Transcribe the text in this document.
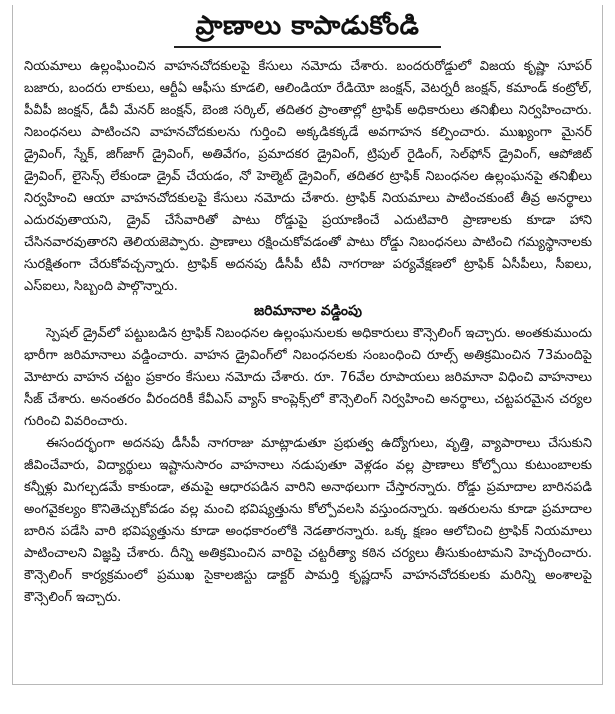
ప్రాణాలు కాపాడుకోండి

నియమాలు ఉల్లంఘించిన వాహనచోదకులపై కేసులు నమోదు చేశారు. బందరురోడ్డులో విజయ కృష్ణా సూపర్ బజారు, బందరు లాకులు, ఆర్టీఏ ఆఫీసు కూడలి, ఆలిండియా రేడియో జంక్షన్, వెటర్నరీ జంక్షన్, కమాండ్ కంట్రోల్, పీవీపీ జంక్షన్, డీవీ మేనర్ జంక్షన్, బెంజి సర్కిల్, తదితర ప్రాంతాల్లో ట్రాఫిక్ అధికారులు తనిఖీలు నిర్వహించారు. నిబంధనలు పాటించని వాహనచోదకులను గుర్తించి అక్కడికక్కడే అవగాహన కల్పించారు. ముఖ్యంగా మైనర్ డ్రైవింగ్, స్నేక్, జిగ్‌జాగ్ డ్రైవింగ్, అతివేగం, ప్రమాదకర డ్రైవింగ్, ట్రిపుల్ రైడింగ్, సెల్‌ఫోన్ డ్రైవింగ్, ఆపోజిట్ డ్రైవింగ్, లైసెన్స్ లేకుండా డ్రైవ్ చేయడం, నో హెల్మెట్ డ్రైవింగ్, తదితర ట్రాఫిక్ నిబంధనల ఉల్లంఘనపై తనిఖీలు నిర్వహించి ఆయా వాహనచోదకులపై కేసులు నమోదు చేశారు. ట్రాఫిక్ నియమాలు పాటించకుంటే తీవ్ర అనర్థాలు ఎదురవుతాయని, డ్రైవ్ చేసేవారితో పాటు రోడ్డుపై ప్రయాణించే ఎదుటివారి ప్రాణాలకు కూడా హాని చేసినవారవుతారని తెలియజెప్పారు. ప్రాణాలు రక్షించుకోవడంతో పాటు రోడ్డు నిబంధనలు పాటించి గమ్యస్థానాలకు సురక్షితంగా చేరుకోవచ్చన్నారు. ట్రాఫిక్ అదనపు డీసీపీ టీవీ నాగరాజు పర్యవేక్షణలో ట్రాఫిక్ ఏసీపీలు, సీఐలు, ఎస్ఐలు, సిబ్బంది పాల్గొన్నారు.

జరిమానాల వడ్డింపు

స్పెషల్ డ్రైవ్‌లో పట్టుబడిన ట్రాఫిక్ నిబంధనల ఉల్లంఘనులకు అధికారులు కౌన్సెలింగ్ ఇచ్చారు. అంతకుముందు భారీగా జరిమానాలు వడ్డించారు. వాహన డ్రైవింగ్‌లో నిబంధనలకు సంబంధించి రూల్స్ అతిక్రమించిన 73మందిపై మోటారు వాహన చట్టం ప్రకారం కేసులు నమోదు చేశారు. రూ. 76వేల రూపాయలు జరిమానా విధించి వాహనాలు సీజ్ చేశారు. అనంతరం వీరందరికీ కేవీఎస్ వ్యాస్ కాంప్లెక్స్‌లో కౌన్సెలింగ్ నిర్వహించి అనర్థాలు, చట్టపరమైన చర్యల గురించి వివరించారు.

ఈసందర్భంగా అదనపు డీసీపీ నాగరాజు మాట్లాడుతూ ప్రభుత్వ ఉద్యోగులు, వృత్తి, వ్యాపారాలు చేసుకుని జీవించేవారు, విద్యార్థులు ఇష్టానుసారం వాహనాలు నడుపుతూ వెళ్లడం వల్ల ప్రాణాలు కోల్పోయి కుటుంబాలకు కన్నీళ్లు మిగల్చడమే కాకుండా, తమపై ఆధారపడిన వారిని అనాథలుగా చేస్తారన్నారు. రోడ్డు ప్రమాదాల బారినపడి అంగవైకల్యం కొనితెచ్చుకోవడం వల్ల మంచి భవిష్యత్తును కోల్పోవలసి వస్తుందన్నారు. ఇతరులను కూడా ప్రమాదాల బారిన పడేసి వారి భవిష్యత్తును కూడా అంధకారంలోకి నెడతారన్నారు. ఒక్క క్షణం ఆలోచించి ట్రాఫిక్ నియమాలు పాటించాలని విజ్ఞప్తి చేశారు. దీన్ని అతిక్రమించిన వారిపై చట్టరీత్యా కఠిన చర్యలు తీసుకుంటామని హెచ్చరించారు. కౌన్సెలింగ్ కార్యక్రమంలో ప్రముఖ సైకాలజిస్టు డాక్టర్ పామర్తి కృష్ణదాస్ వాహనచోదకులకు మరిన్ని అంశాలపై కౌన్సెలింగ్ ఇచ్చారు.
